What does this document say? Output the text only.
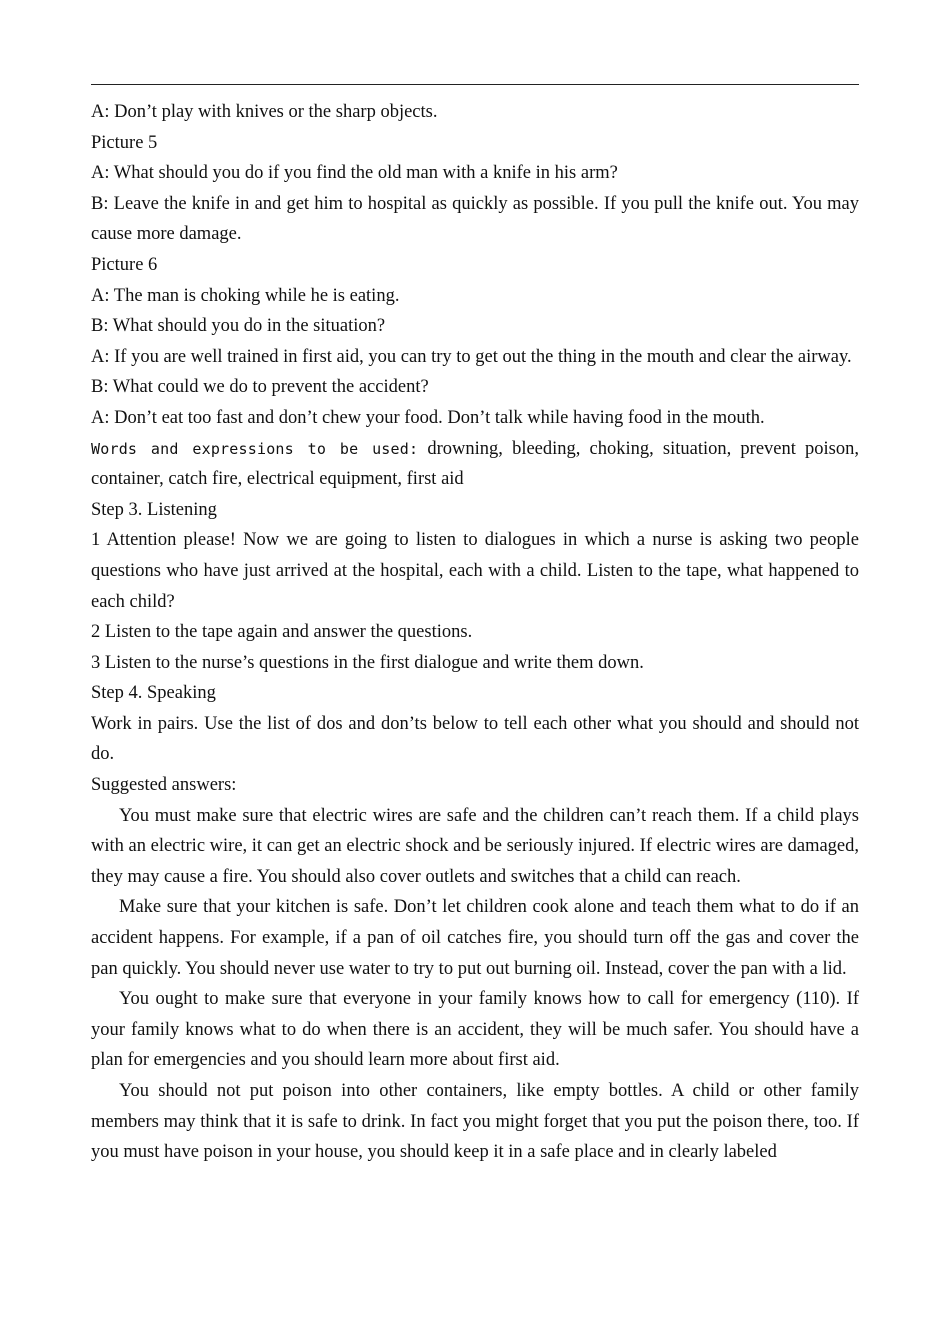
A: Don’t play with knives or the sharp objects.

Picture 5

A: What should you do if you find the old man with a knife in his arm?

B: Leave the knife in and get him to hospital as quickly as possible. If you pull the knife out. You may cause more damage.

Picture 6

A: The man is choking while he is eating.

B: What should you do in the situation?

A: If you are well trained in first aid, you can try to get out the thing in the mouth and clear the airway.

B: What could we do to prevent the accident?

A: Don’t eat too fast and don’t chew your food. Don’t talk while having food in the mouth.

Words and expressions to be used: drowning, bleeding, choking, situation, prevent poison, container, catch fire, electrical equipment, first aid

Step 3. Listening

1 Attention please! Now we are going to listen to dialogues in which a nurse is asking two people questions who have just arrived at the hospital, each with a child. Listen to the tape, what happened to each child?

2 Listen to the tape again and answer the questions.

3 Listen to the nurse’s questions in the first dialogue and write them down.

Step 4. Speaking

Work in pairs. Use the list of dos and don’ts below to tell each other what you should and should not do.

Suggested answers:

You must make sure that electric wires are safe and the children can’t reach them. If a child plays with an electric wire, it can get an electric shock and be seriously injured. If electric wires are damaged, they may cause a fire. You should also cover outlets and switches that a child can reach.

Make sure that your kitchen is safe. Don’t let children cook alone and teach them what to do if an accident happens. For example, if a pan of oil catches fire, you should turn off the gas and cover the pan quickly. You should never use water to try to put out burning oil. Instead, cover the pan with a lid.

You ought to make sure that everyone in your family knows how to call for emergency (110). If your family knows what to do when there is an accident, they will be much safer. You should have a plan for emergencies and you should learn more about first aid.

You should not put poison into other containers, like empty bottles. A child or other family members may think that it is safe to drink. In fact you might forget that you put the poison there, too. If you must have poison in your house, you should keep it in a safe place and in clearly labeled
